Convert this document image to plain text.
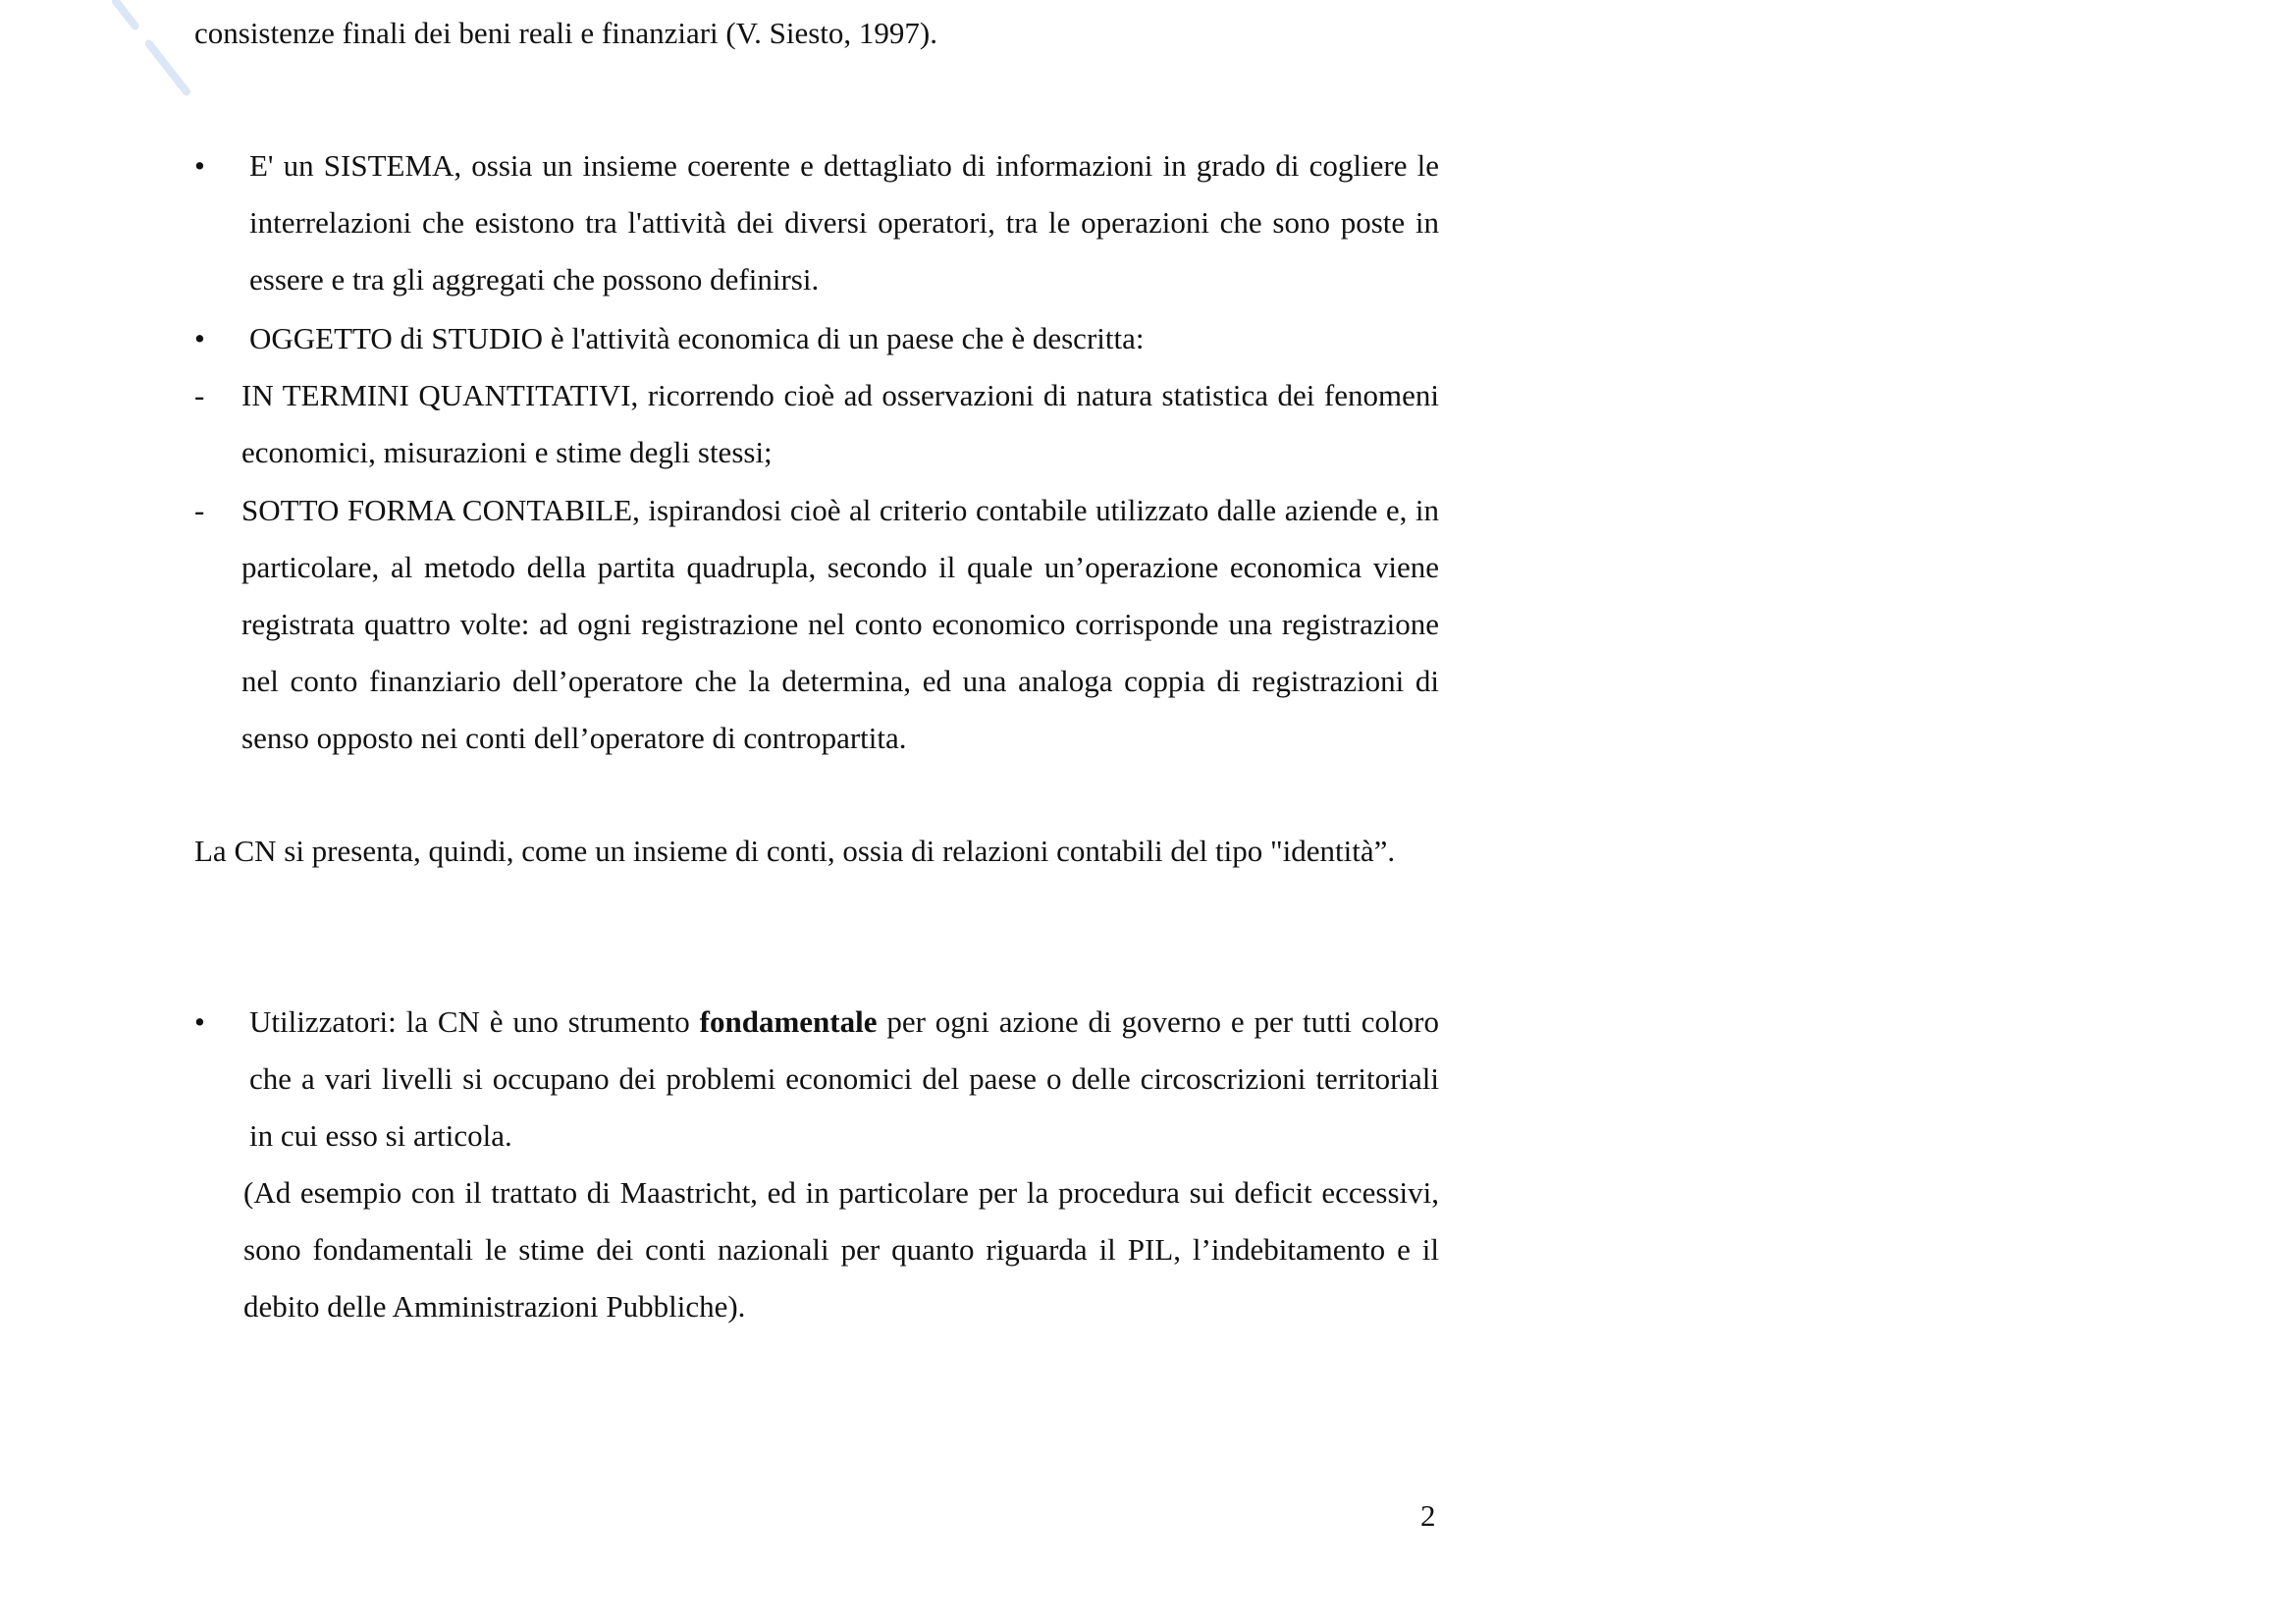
consistenze finali dei beni reali e finanziari (V. Siesto, 1997).
• E' un SISTEMA, ossia un insieme coerente e dettagliato di informazioni in grado di cogliere le interrelazioni che esistono tra l'attività dei diversi operatori, tra le operazioni che sono poste in essere e tra gli aggregati che possono definirsi.
• OGGETTO di STUDIO è l'attività economica di un paese che è descritta:
- IN TERMINI QUANTITATIVI, ricorrendo cioè ad osservazioni di natura statistica dei fenomeni economici, misurazioni e stime degli stessi;
- SOTTO FORMA CONTABILE, ispirandosi cioè al criterio contabile utilizzato dalle aziende e, in particolare, al metodo della partita quadrupla, secondo il quale un’operazione economica viene registrata quattro volte: ad ogni registrazione nel conto economico corrisponde una registrazione nel conto finanziario dell’operatore che la determina, ed una analoga coppia di registrazioni di senso opposto nei conti dell’operatore di contropartita.
La CN si presenta, quindi, come un insieme di conti, ossia di relazioni contabili del tipo "identità”.
• Utilizzatori: la CN è uno strumento fondamentale per ogni azione di governo e per tutti coloro che a vari livelli si occupano dei problemi economici del paese o delle circoscrizioni territoriali in cui esso si articola.
(Ad esempio con il trattato di Maastricht, ed in particolare per la procedura sui deficit eccessivi, sono fondamentali le stime dei conti nazionali per quanto riguarda il PIL, l’indebitamento e il debito delle Amministrazioni Pubbliche).
2
